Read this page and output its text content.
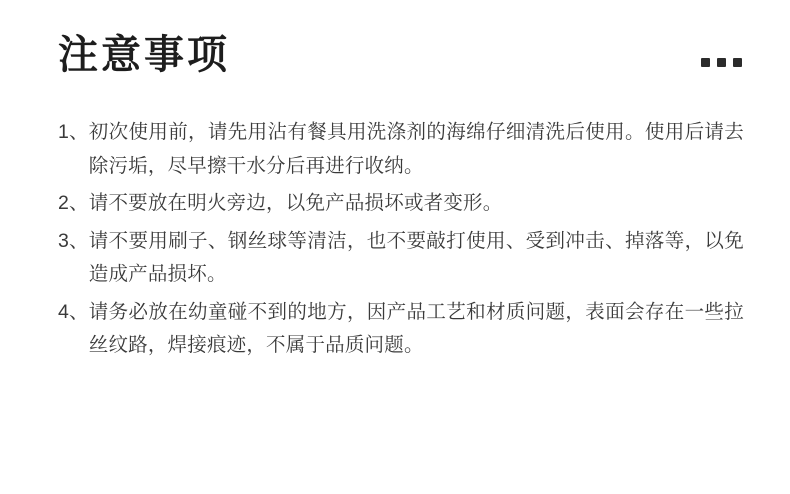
注意事项
1、 初次使用前，请先用沾有餐具用洗涤剂的海绵仔细清洗后使用。使用后请去除污垢，尽早擦干水分后再进行收纳。
2、 请不要放在明火旁边，以免产品损坏或者变形。
3、 请不要用刷子、钢丝球等清洁，也不要敲打使用、受到冲击、掉落等，以免造成产品损坏。
4、 请务必放在幼童碰不到的地方，因产品工艺和材质问题，表面会存在一些拉丝纹路，焊接痕迹，不属于品质问题。
